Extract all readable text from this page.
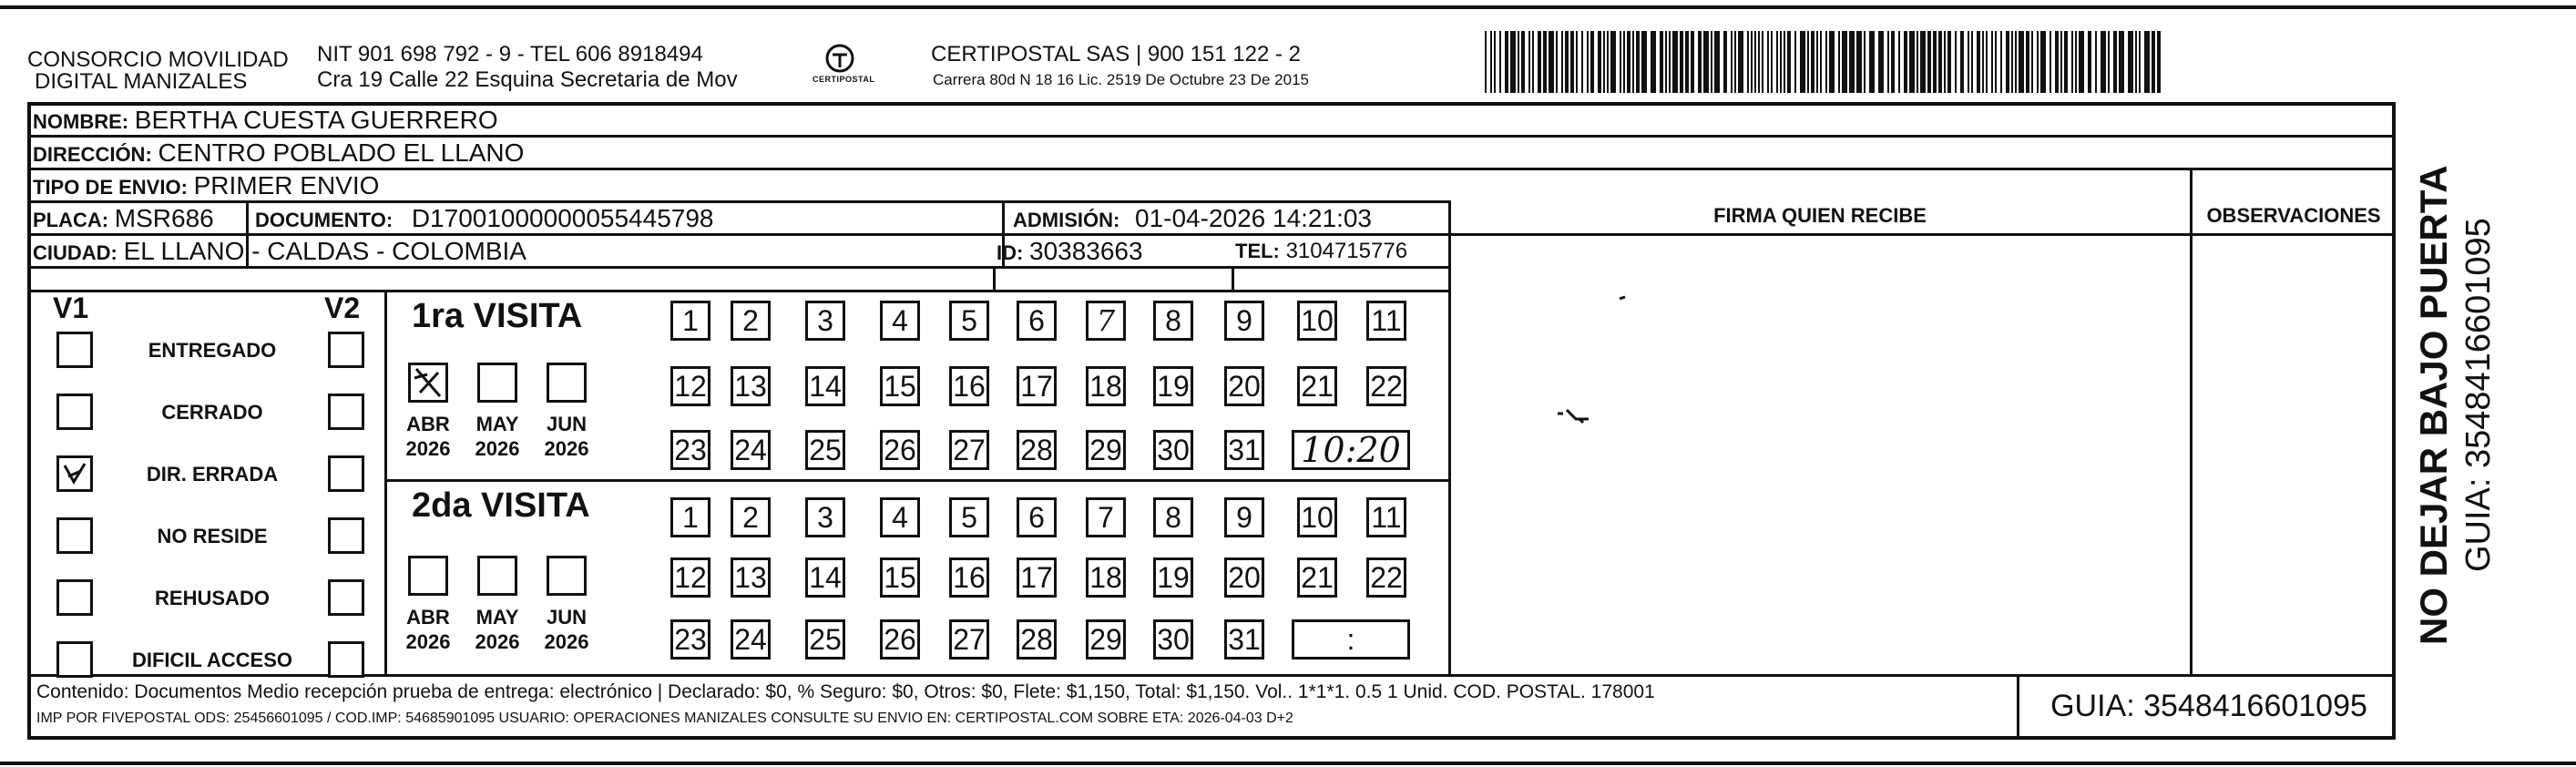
CONSORCIO MOVILIDAD
DIGITAL MANIZALES
NIT 901 698 792 - 9 - TEL 606 8918494
Cra 19 Calle 22 Esquina Secretaria de Mov	CERTIPOSTAL
CERTIPOSTAL SAS | 900 151 122 - 2
Carrera 80d N 18 16 Lic. 2519 De Octubre 23 De 2015
NOMBRE: BERTHA CUESTA GUERRERO
DIRECCIÓN: CENTRO POBLADO EL LLANO
TIPO DE ENVIO: PRIMER ENVIO
PLACA: MSR686 DOCUMENTO: D17001000000055445798	ADMISIÓN: 01-04-2026 14:21:03
CIUDAD: EL LLANO - CALDAS - COLOMBIA	ID: 30383663	TEL: 3104715776
FIRMA QUIEN RECIBE	OBSERVACIONES
V1	V2
ENTREGADO
CERRADO
DIR. ERRADA
NO RESIDE
REHUSADO
DIFICIL ACCESO
1ra VISITA
2da VISITA
ABR
2026
MAY
2026
JUN
2026
ABR
2026
MAY
2026
JUN
2026
1	2	3	4	5	6	7	8	9	10 11
12 13 14 15 16 17 18 19 20 21 22
23 24 25 26 27 28 29 30 31 10:20
1	2	3	4	5	6	7	8	9	10 11
12 13 14 15 16 17 18 19 20 21 22
23 24 25 26 27 28 29 30 31	:
Contenido: Documentos Medio recepción prueba de entrega: electrónico | Declarado: $0, % Seguro: $0, Otros: $0, Flete: $1,150, Total: $1,150. Vol.. 1*1*1. 0.5 1 Unid. COD. POSTAL. 178001
IMP POR FIVEPOSTAL ODS: 25456601095 / COD.IMP: 54685901095 USUARIO: OPERACIONES MANIZALES CONSULTE SU ENVIO EN: CERTIPOSTAL.COM SOBRE ETA: 2026-04-03 D+2	GUIA: 3548416601095
NO DEJAR BAJO PUERTA GUIA: 3548416601095
